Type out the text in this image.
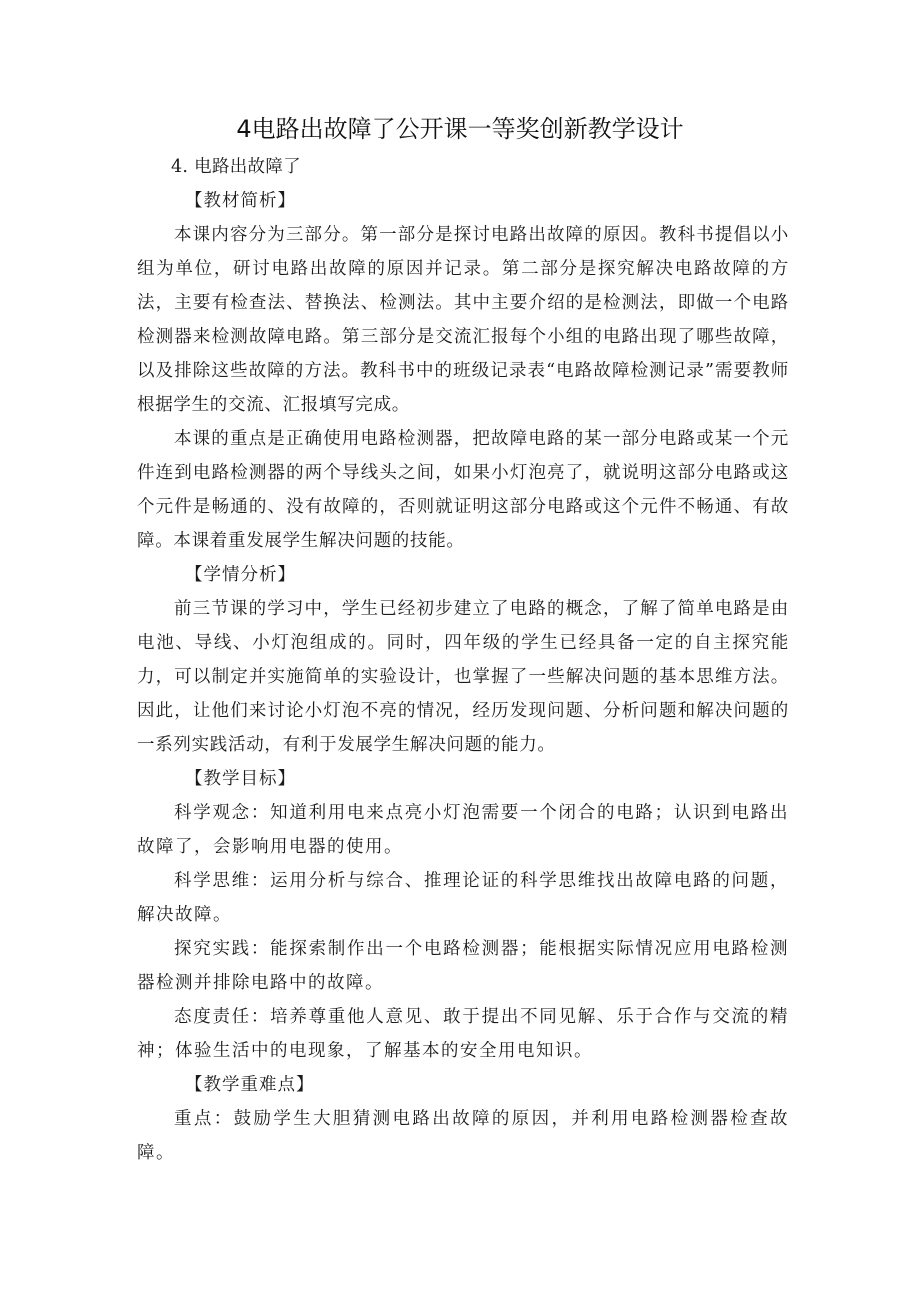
4电路出故障了公开课一等奖创新教学设计

4. 电路出故障了

【教材简析】

本课内容分为三部分。第一部分是探讨电路出故障的原因。教科书提倡以小组为单位，研讨电路出故障的原因并记录。第二部分是探究解决电路故障的方法，主要有检查法、替换法、检测法。其中主要介绍的是检测法，即做一个电路检测器来检测故障电路。第三部分是交流汇报每个小组的电路出现了哪些故障，以及排除这些故障的方法。教科书中的班级记录表“电路故障检测记录”需要教师根据学生的交流、汇报填写完成。

本课的重点是正确使用电路检测器，把故障电路的某一部分电路或某一个元件连到电路检测器的两个导线头之间，如果小灯泡亮了，就说明这部分电路或这个元件是畅通的、没有故障的，否则就证明这部分电路或这个元件不畅通、有故障。本课着重发展学生解决问题的技能。

【学情分析】

前三节课的学习中，学生已经初步建立了电路的概念，了解了简单电路是由电池、导线、小灯泡组成的。同时，四年级的学生已经具备一定的自主探究能力，可以制定并实施简单的实验设计，也掌握了一些解决问题的基本思维方法。因此，让他们来讨论小灯泡不亮的情况，经历发现问题、分析问题和解决问题的一系列实践活动，有利于发展学生解决问题的能力。

【教学目标】

科学观念：知道利用电来点亮小灯泡需要一个闭合的电路；认识到电路出故障了，会影响用电器的使用。

科学思维：运用分析与综合、推理论证的科学思维找出故障电路的问题，解决故障。

探究实践：能探索制作出一个电路检测器；能根据实际情况应用电路检测器检测并排除电路中的故障。

态度责任：培养尊重他人意见、敢于提出不同见解、乐于合作与交流的精神；体验生活中的电现象，了解基本的安全用电知识。

【教学重难点】

重点：鼓励学生大胆猜测电路出故障的原因，并利用电路检测器检查故障。
